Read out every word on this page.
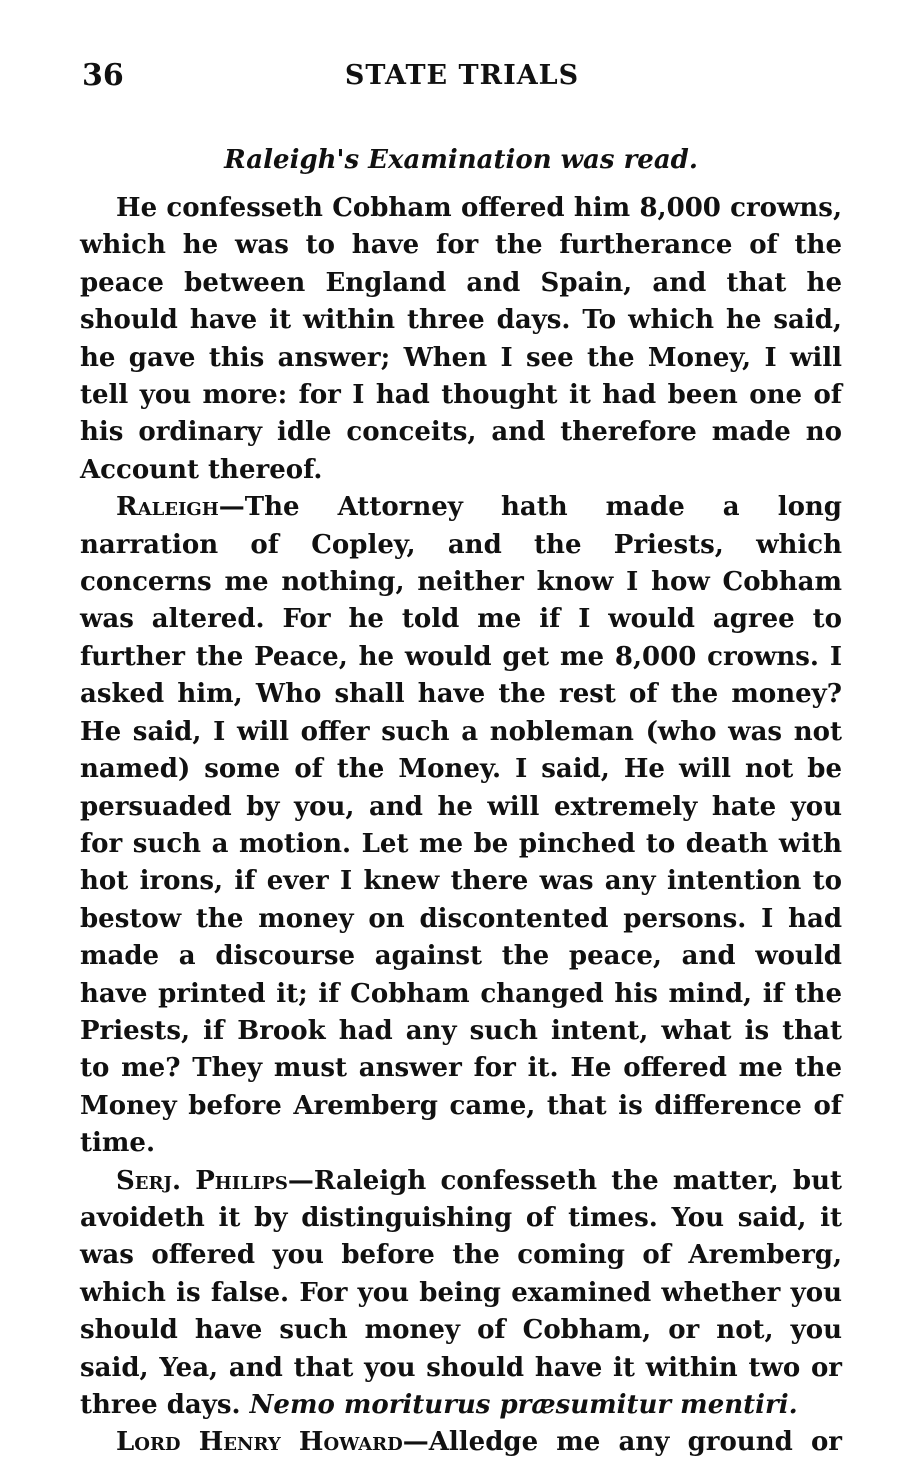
36	STATE TRIALS

Raleigh's Examination was read.

He confesseth Cobham offered him 8,000 crowns, which he was to have for the furtherance of the peace between England and Spain, and that he should have it within three days. To which he said, he gave this answer; When I see the Money, I will tell you more: for I had thought it had been one of his ordinary idle conceits, and therefore made no Account thereof.

Raleigh—The Attorney hath made a long narration of Copley, and the Priests, which concerns me nothing, neither know I how Cobham was altered. For he told me if I would agree to further the Peace, he would get me 8,000 crowns. I asked him, Who shall have the rest of the money? He said, I will offer such a nobleman (who was not named) some of the Money. I said, He will not be persuaded by you, and he will extremely hate you for such a motion. Let me be pinched to death with hot irons, if ever I knew there was any intention to bestow the money on discontented persons. I had made a discourse against the peace, and would have printed it; if Cobham changed his mind, if the Priests, if Brook had any such intent, what is that to me? They must answer for it. He offered me the Money before Aremberg came, that is difference of time.

Serj. Philips—Raleigh confesseth the matter, but avoideth it by distinguishing of times. You said, it was offered you before the coming of Aremberg, which is false. For you being examined whether you should have such money of Cobham, or not, you said, Yea, and that you should have it within two or three days. Nemo moriturus præsumitur mentiri.

Lord Henry Howard—Alledge me any ground or
